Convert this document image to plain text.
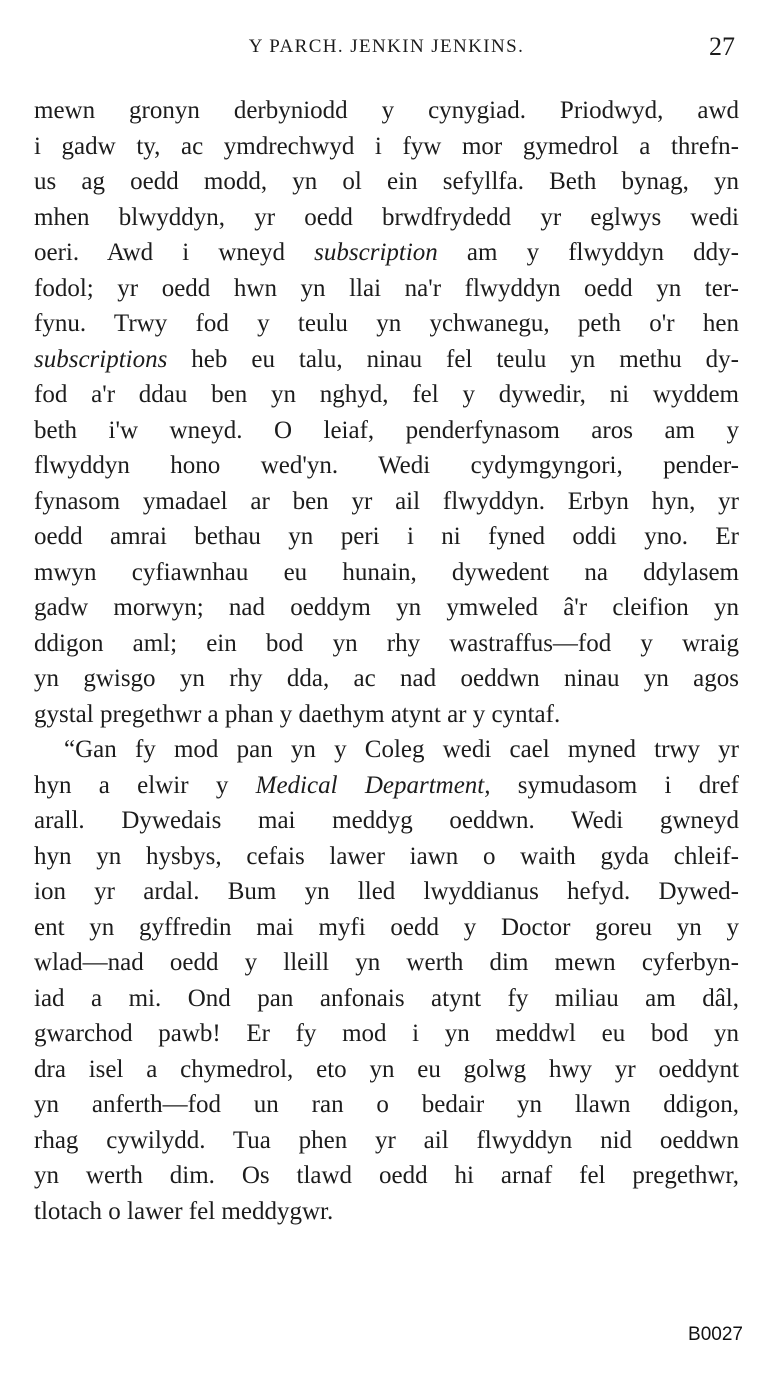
Y PARCH. JENKIN JENKINS.	27
mewn gronyn derbyniodd y cynygiad. Priodwyd, awd
i gadw ty, ac ymdrechwyd i fyw mor gymedrol a threfn-
us ag oedd modd, yn ol ein sefyllfa. Beth bynag, yn
mhen blwyddyn, yr oedd brwdfrydedd yr eglwys wedi
oeri. Awd i wneyd subscription am y flwyddyn ddy-
fodol; yr oedd hwn yn llai na'r flwyddyn oedd yn ter-
fynu. Trwy fod y teulu yn ychwanegu, peth o'r hen
subscriptions heb eu talu, ninau fel teulu yn methu dy-
fod a'r ddau ben yn nghyd, fel y dywedir, ni wyddem
beth i'w wneyd. O leiaf, penderfynasom aros am y
flwyddyn hono wed'yn. Wedi cydymgyngori, pender-
fynasom ymadael ar ben yr ail flwyddyn. Erbyn hyn, yr
oedd amrai bethau yn peri i ni fyned oddi yno. Er
mwyn cyfiawnhau eu hunain, dywedent na ddylasem
gadw morwyn; nad oeddym yn ymweled â'r cleifion yn
ddigon aml; ein bod yn rhy wastraffus—fod y wraig
yn gwisgo yn rhy dda, ac nad oeddwn ninau yn agos
gystal pregethwr a phan y daethym atynt ar y cyntaf.
“Gan fy mod pan yn y Coleg wedi cael myned trwy yr
hyn a elwir y Medical Department, symudasom i dref
arall. Dywedais mai meddyg oeddwn. Wedi gwneyd
hyn yn hysbys, cefais lawer iawn o waith gyda chleif-
ion yr ardal. Bum yn lled lwyddianus hefyd. Dywed-
ent yn gyffredin mai myfi oedd y Doctor goreu yn y
wlad—nad oedd y lleill yn werth dim mewn cyferbyn-
iad a mi. Ond pan anfonais atynt fy miliau am dâl,
gwarchod pawb! Er fy mod i yn meddwl eu bod yn
dra isel a chymedrol, eto yn eu golwg hwy yr oeddynt
yn anferth—fod un ran o bedair yn llawn ddigon,
rhag cywilydd. Tua phen yr ail flwyddyn nid oeddwn
yn werth dim. Os tlawd oedd hi arnaf fel pregethwr,
tlotach o lawer fel meddygwr.
B0027
